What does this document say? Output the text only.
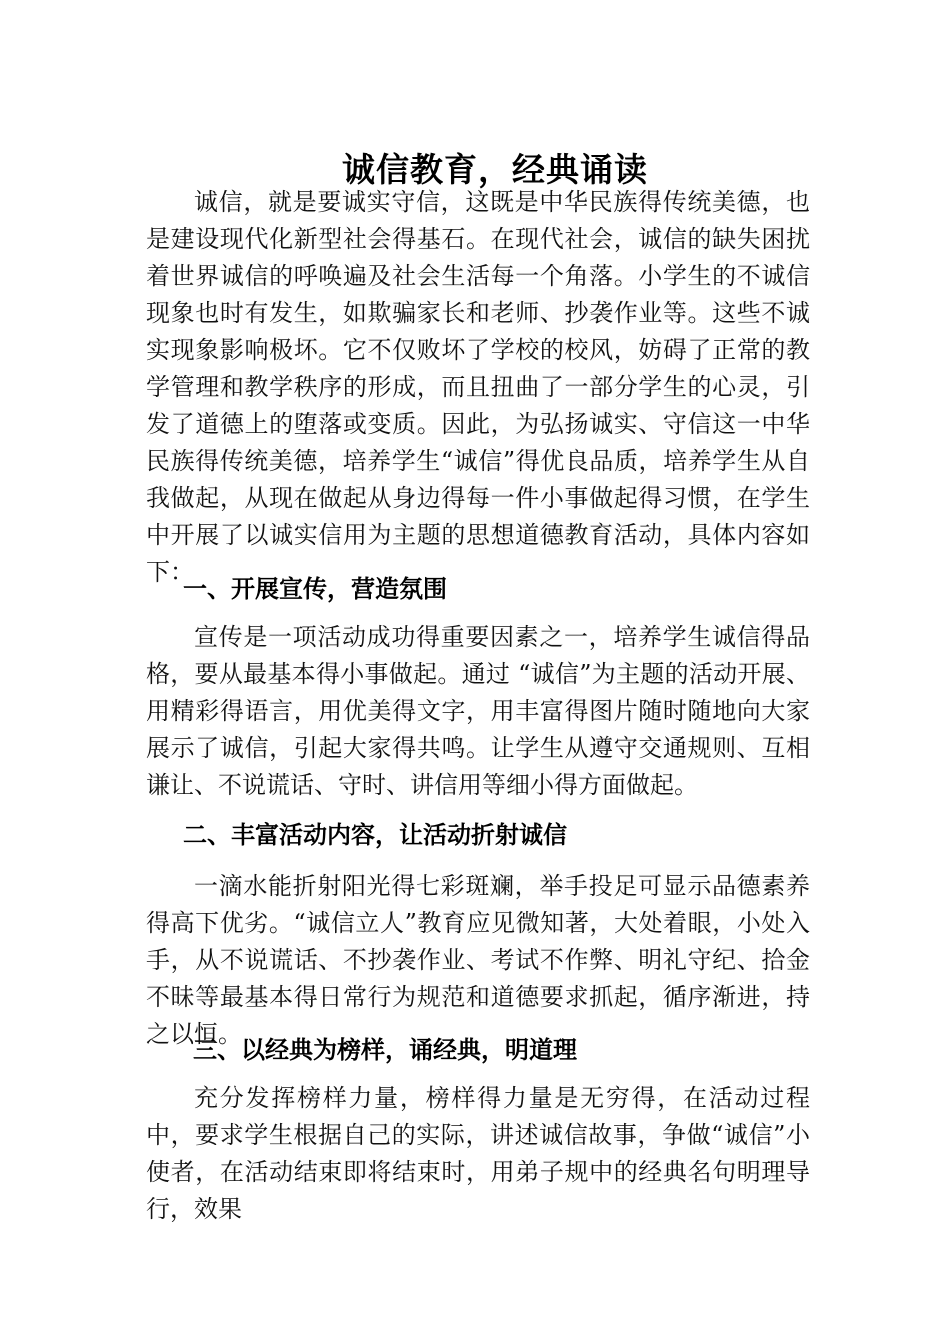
诚信教育，经典诵读

诚信，就是要诚实守信，这既是中华民族得传统美德，也是建设现代化新型社会得基石。在现代社会，诚信的缺失困扰着世界诚信的呼唤遍及社会生活每一个角落。小学生的不诚信现象也时有发生，如欺骗家长和老师、抄袭作业等。这些不诚实现象影响极坏。它不仅败坏了学校的校风，妨碍了正常的教学管理和教学秩序的形成，而且扭曲了一部分学生的心灵，引发了道德上的堕落或变质。因此，为弘扬诚实、守信这一中华民族得传统美德，培养学生“诚信”得优良品质，培养学生从自我做起，从现在做起从身边得每一件小事做起得习惯，在学生中开展了以诚实信用为主题的思想道德教育活动，具体内容如下：

一、开展宣传，营造氛围

宣传是一项活动成功得重要因素之一，培养学生诚信得品格，要从最基本得小事做起。通过 “诚信”为主题的活动开展、用精彩得语言，用优美得文字，用丰富得图片随时随地向大家展示了诚信，引起大家得共鸣。让学生从遵守交通规则、互相谦让、不说谎话、守时、讲信用等细小得方面做起。

二、丰富活动内容，让活动折射诚信

一滴水能折射阳光得七彩斑斓，举手投足可显示品德素养得高下优劣。“诚信立人”教育应见微知著，大处着眼，小处入手，从不说谎话、不抄袭作业、考试不作弊、明礼守纪、拾金不昧等最基本得日常行为规范和道德要求抓起，循序渐进，持之以恒。

三、以经典为榜样，诵经典，明道理

充分发挥榜样力量，榜样得力量是无穷得，在活动过程中，要求学生根据自己的实际，讲述诚信故事，争做“诚信”小使者，在活动结束即将结束时，用弟子规中的经典名句明理导行，效果
